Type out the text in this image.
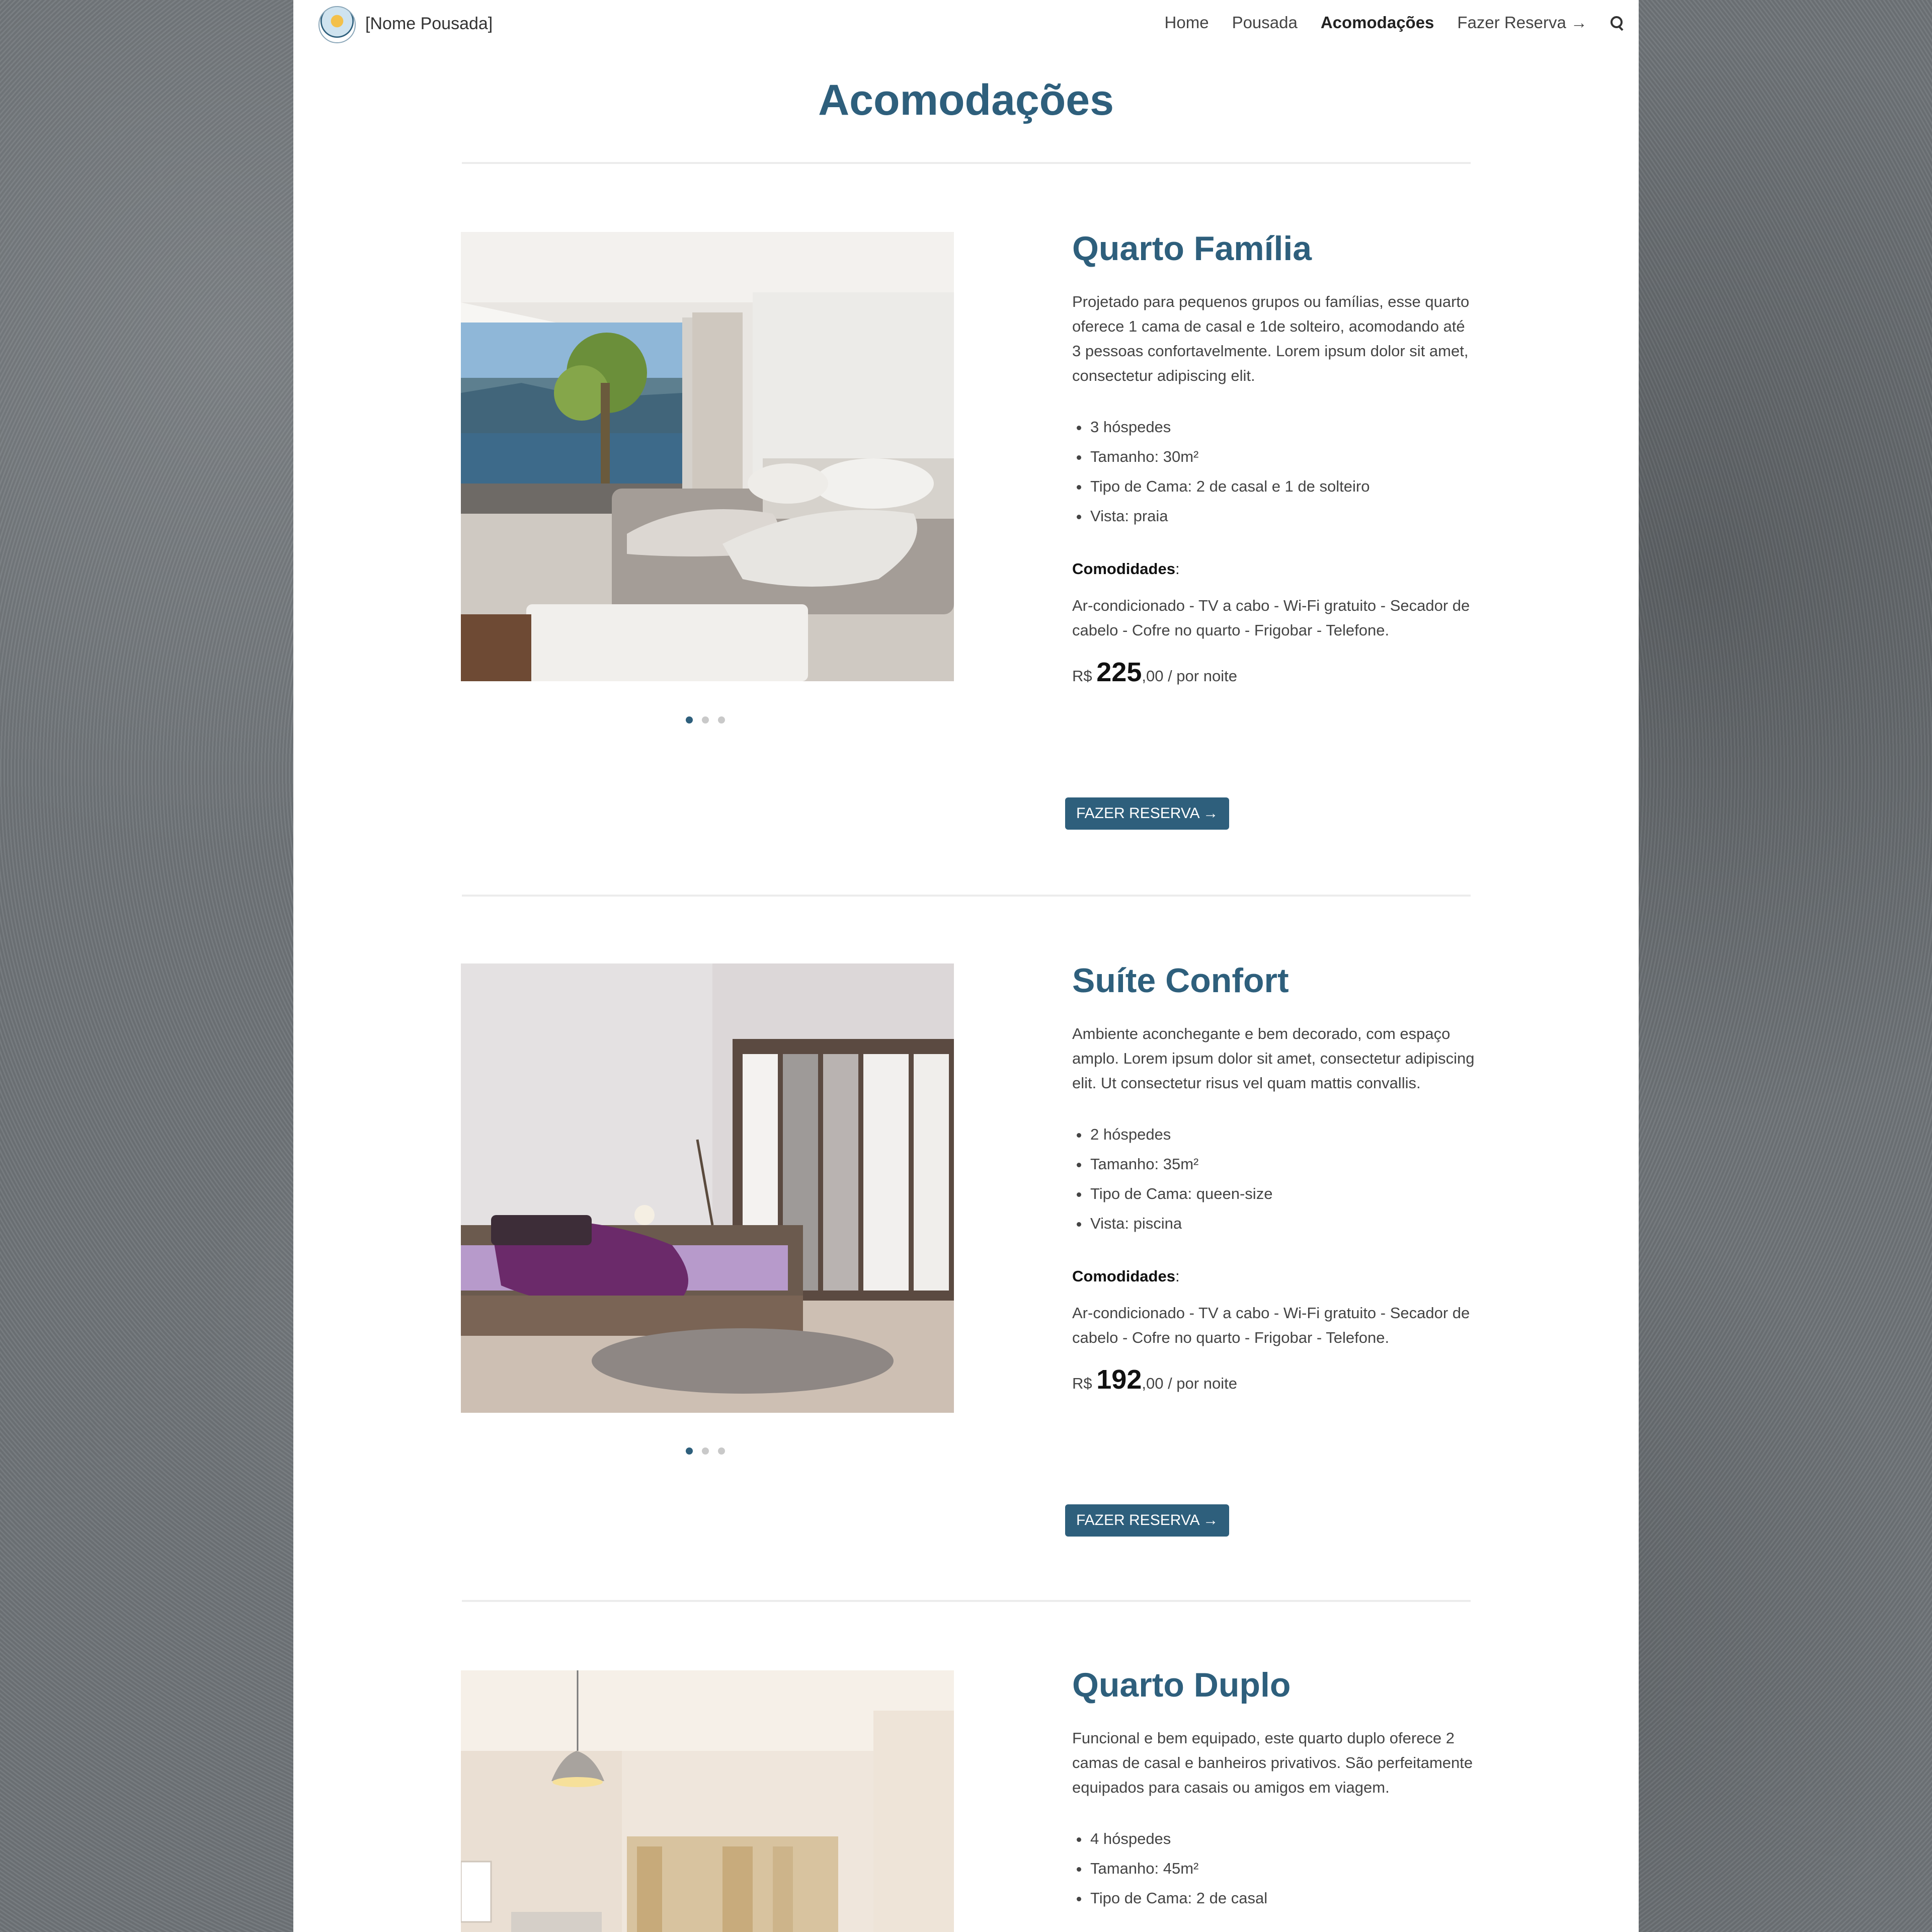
[Nome Pousada]	Home Pousada Acomodações Fazer Reserva →
Acomodações
Quarto Família
Projetado para pequenos grupos ou famílias, esse quarto oferece 1 cama de casal e 1de solteiro, acomodando até 3 pessoas confortavelmente. Lorem ipsum dolor sit amet, consectetur adipiscing elit.
• 3 hóspedes
• Tamanho: 30m²
• Tipo de Cama: 2 de casal e 1 de solteiro
• Vista: praia
Comodidades:
Ar-condicionado - TV a cabo - Wi-Fi gratuito - Secador de cabelo - Cofre no quarto - Frigobar - Telefone.
R$ 225,00 / por noite
FAZER RESERVA →
Suíte Confort
Ambiente aconchegante e bem decorado, com espaço amplo. Lorem ipsum dolor sit amet, consectetur adipiscing elit. Ut consectetur risus vel quam mattis convallis.
• 2 hóspedes
• Tamanho: 35m²
• Tipo de Cama: queen-size
• Vista: piscina
Comodidades:
Ar-condicionado - TV a cabo - Wi-Fi gratuito - Secador de cabelo - Cofre no quarto - Frigobar - Telefone.
R$ 192,00 / por noite
FAZER RESERVA →
Quarto Duplo
Funcional e bem equipado, este quarto duplo oferece 2 camas de casal e banheiros privativos. São perfeitamente equipados para casais ou amigos em viagem.
• 4 hóspedes
• Tamanho: 45m²
• Tipo de Cama: 2 de casal
